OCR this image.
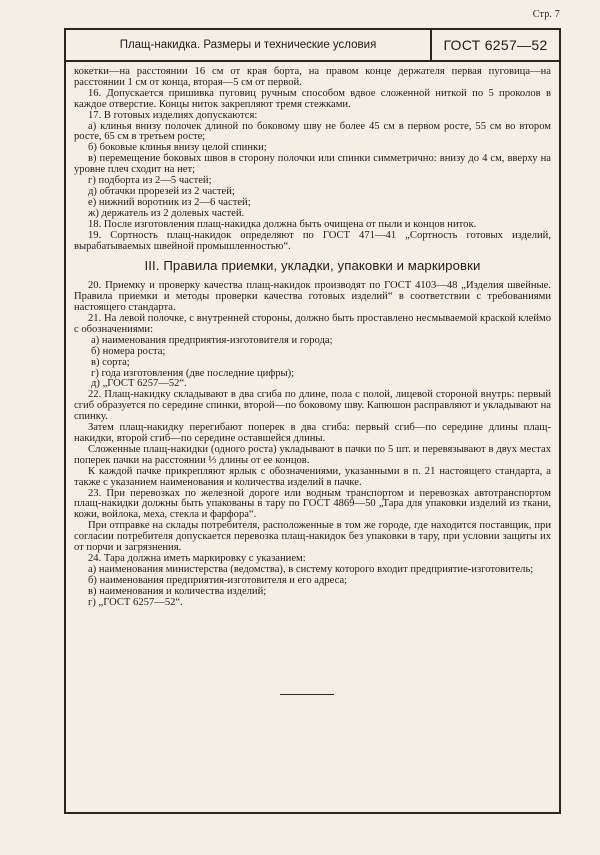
Стр. 7
Плащ-накидка. Размеры и технические условия	ГОСТ 6257—52

кокетки—на расстоянии 16 см от края борта, на правом конце держателя первая пуговица—на расстоянии 1 см от конца, вторая—5 см от первой.

16. Допускается пришивка пуговиц ручным способом вдвое сложенной ниткой по 5 проколов в каждое отверстие. Концы ниток закрепляют тремя стежками.

17. В готовых изделиях допускаются:

а) клинья внизу полочек длиной по боковому шву не более 45 см в первом росте, 55 см во втором росте, 65 см в третьем росте;

б) боковые клинья внизу целой спинки;

в) перемещение боковых швов в сторону полочки или спинки симметрично: внизу до 4 см, вверху на уровне плеч сходит на нет;

г) подборта из 2—5 частей;

д) обтачки прорезей из 2 частей;

е) нижний воротник из 2—6 частей;

ж) держатель из 2 долевых частей.

18. После изготовления плащ-накидка должна быть очищена от пыли и концов ниток.

19. Сортность плащ-накидок определяют по ГОСТ 471—41 „Сортность готовых изделий, вырабатываемых швейной промышленностью“.

III. Правила приемки, укладки, упаковки и маркировки

20. Приемку и проверку качества плащ-накидок производят по ГОСТ 4103—48 „Изделия швейные. Правила приемки и методы проверки качества готовых изделий“ в соответствии с требованиями настоящего стандарта.

21. На левой полочке, с внутренней стороны, должно быть проставлено несмываемой краской клеймо с обозначениями:

а) наименования предприятия-изготовителя и города;

б) номера роста;

в) сорта;

г) года изготовления (две последние цифры);

д) „ГОСТ 6257—52“.

22. Плащ-накидку складывают в два сгиба по длине, пола с полой, лицевой стороной внутрь: первый сгиб образуется по середине спинки, второй—по боковому шву. Капюшон расправляют и укладывают на спинку.

Затем плащ-накидку перегибают поперек в два сгиба: первый сгиб—по середине длины плащ-накидки, второй сгиб—по середине оставшейся длины.

Сложенные плащ-накидки (одного роста) укладывают в пачки по 5 шт. и перевязывают в двух местах поперек пачки на расстоянии ⅓ длины от ее концов.

К каждой пачке прикрепляют ярлык с обозначениями, указанными в п. 21 настоящего стандарта, а также с указанием наименования и количества изделий в пачке.

23. При перевозках по железной дороге или водным транспортом и перевозках автотранспортом плащ-накидки должны быть упакованы в тару по ГОСТ 4869—50 „Тара для упаковки изделий из ткани, кожи, войлока, меха, стекла и фарфора“.

При отправке на склады потребителя, расположенные в том же городе, где находится поставщик, при согласии потребителя допускается перевозка плащ-накидок без упаковки в тару, при условии защиты их от порчи и загрязнения.

24. Тара должна иметь маркировку с указанием:

а) наименования министерства (ведомства), в систему которого входит предприятие-изготовитель;

б) наименования предприятия-изготовителя и его адреса;

в) наименования и количества изделий;

г) „ГОСТ 6257—52“.
